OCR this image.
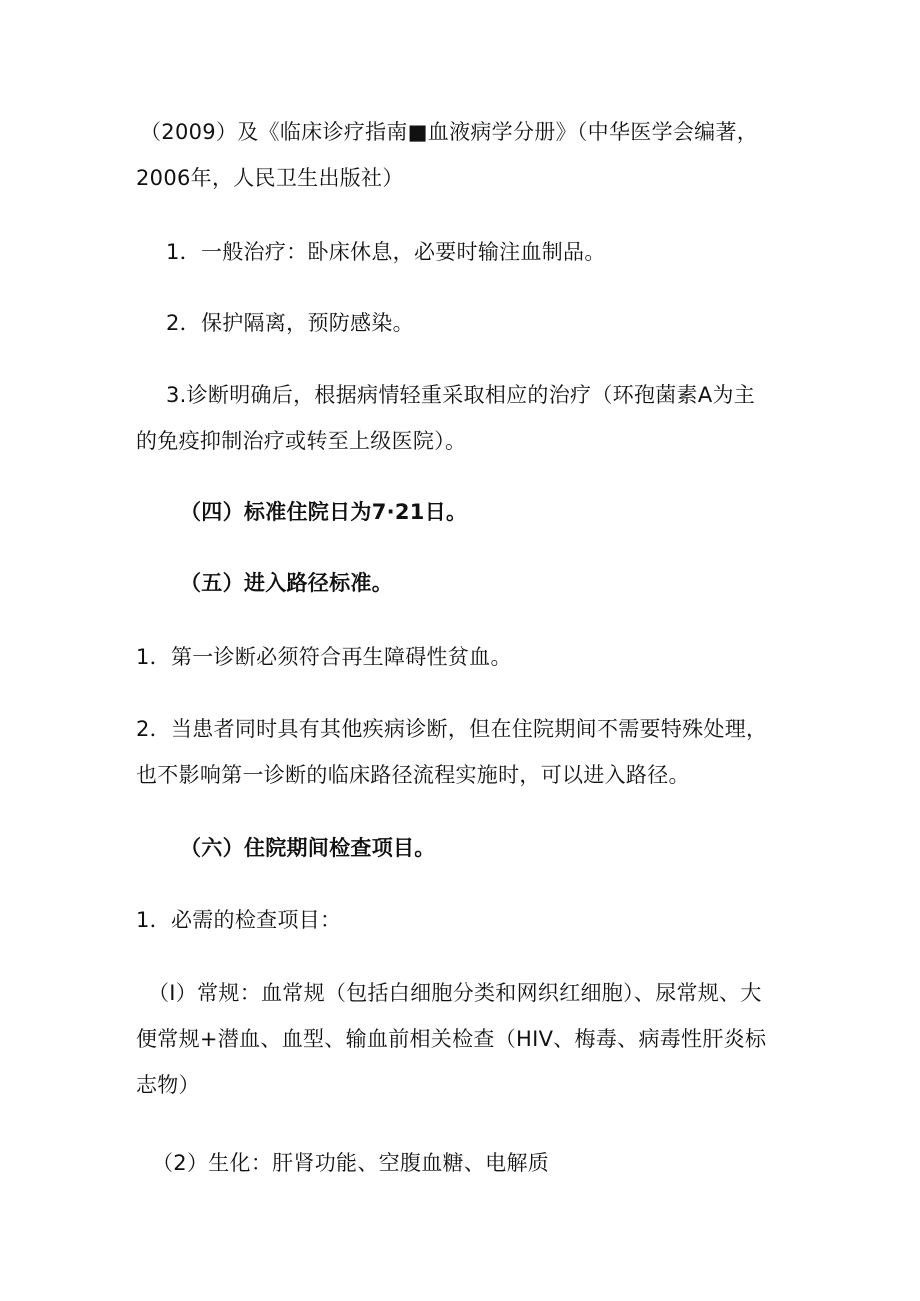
（2009）及《临床诊疗指南■血液病学分册》（中华医学会编著，
2006年，人民卫生出版社）
1．一般治疗：卧床休息，必要时输注血制品。
2．保护隔离，预防感染。
3.诊断明确后，根据病情轻重采取相应的治疗（环孢菌素A为主
的免疫抑制治疗或转至上级医院）。
（四）标准住院日为7·21日。
（五）进入路径标准。
1．第一诊断必须符合再生障碍性贫血。
2．当患者同时具有其他疾病诊断，但在住院期间不需要特殊处理，
也不影响第一诊断的临床路径流程实施时，可以进入路径。
（六）住院期间检查项目。
1．必需的检查项目：
（I）常规：血常规（包括白细胞分类和网织红细胞）、尿常规、大
便常规+潜血、血型、输血前相关检查（HIV、梅毒、病毒性肝炎标
志物）
（2）生化：肝肾功能、空腹血糖、电解质
